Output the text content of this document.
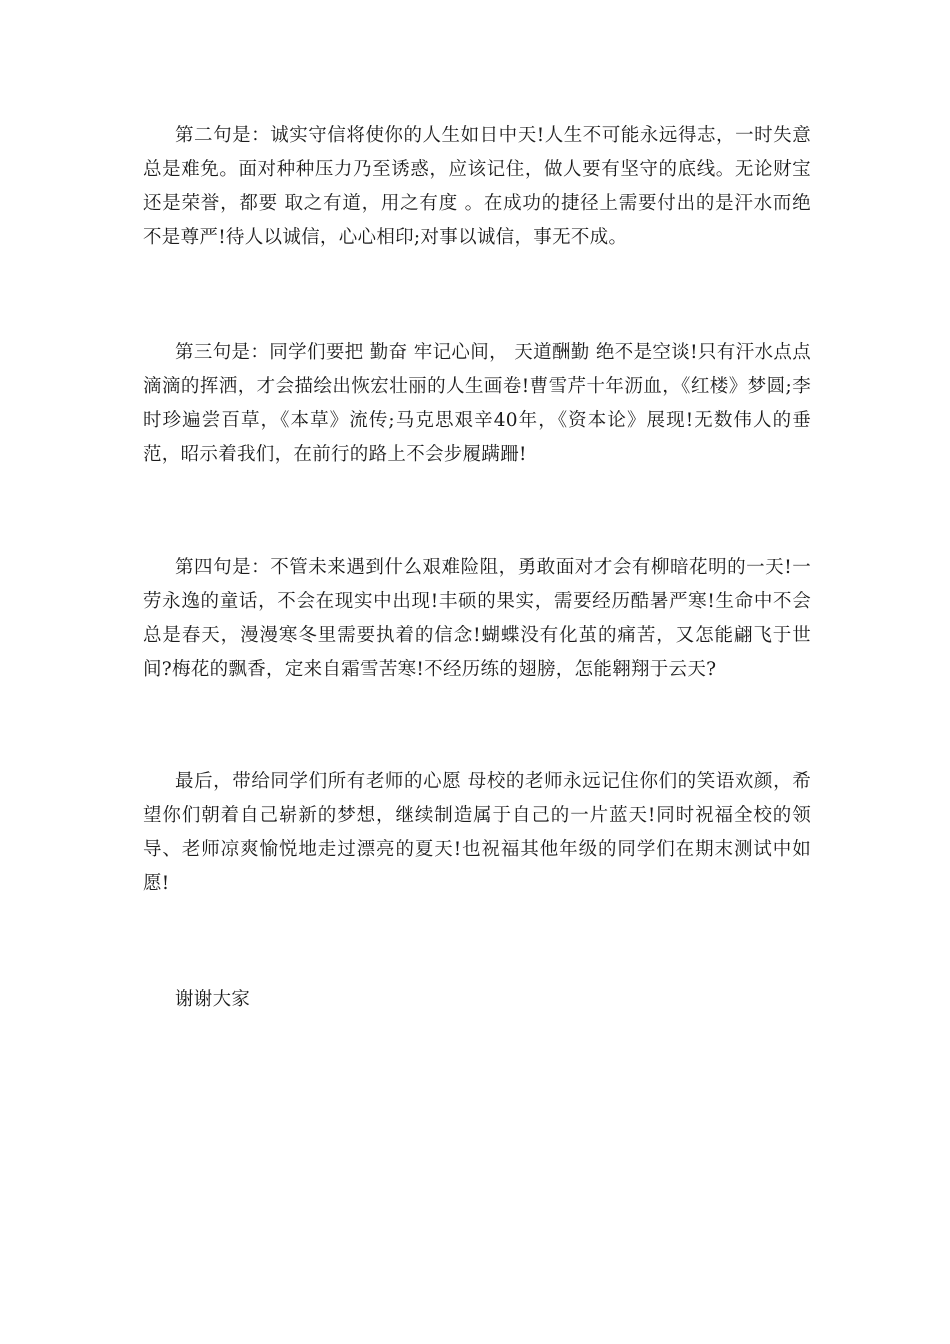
第二句是：诚实守信将使你的人生如日中天!人生不可能永远得志，一时失意总是难免。面对种种压力乃至诱惑，应该记住，做人要有坚守的底线。无论财宝还是荣誉，都要 取之有道，用之有度 。在成功的捷径上需要付出的是汗水而绝不是尊严!待人以诚信，心心相印;对事以诚信，事无不成。

第三句是：同学们要把 勤奋 牢记心间， 天道酬勤 绝不是空谈!只有汗水点点滴滴的挥洒，才会描绘出恢宏壮丽的人生画卷!曹雪芹十年沥血，《红楼》梦圆;李时珍遍尝百草，《本草》流传;马克思艰辛40年，《资本论》展现!无数伟人的垂范，昭示着我们，在前行的路上不会步履蹒跚!

第四句是：不管未来遇到什么艰难险阻，勇敢面对才会有柳暗花明的一天!一劳永逸的童话，不会在现实中出现!丰硕的果实，需要经历酷暑严寒!生命中不会总是春天，漫漫寒冬里需要执着的信念!蝴蝶没有化茧的痛苦，又怎能翩飞于世间?梅花的飘香，定来自霜雪苦寒!不经历练的翅膀，怎能翱翔于云天?

最后，带给同学们所有老师的心愿 母校的老师永远记住你们的笑语欢颜，希望你们朝着自己崭新的梦想，继续制造属于自己的一片蓝天!同时祝福全校的领导、老师凉爽愉悦地走过漂亮的夏天!也祝福其他年级的同学们在期末测试中如愿!

谢谢大家
